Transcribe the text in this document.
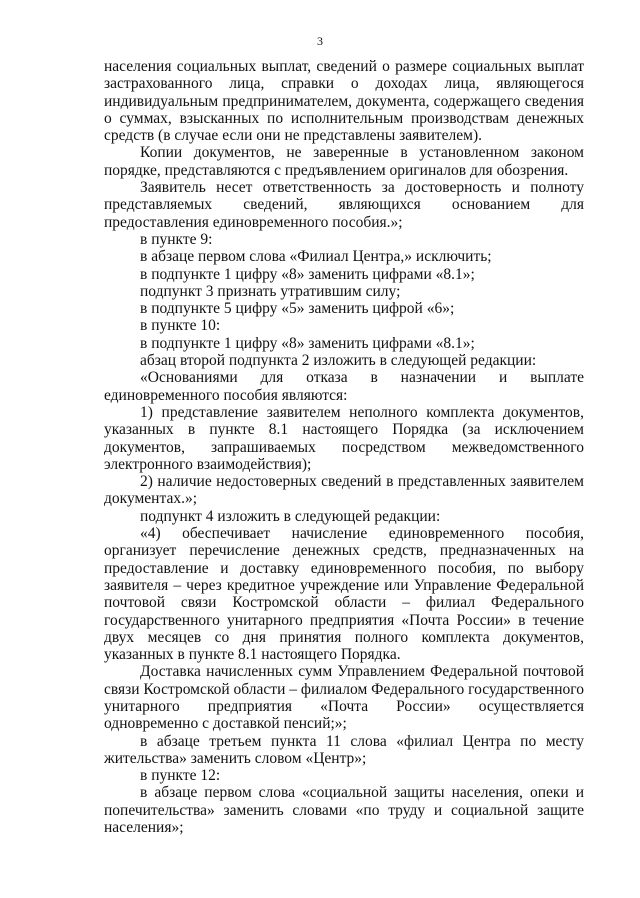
3

населения социальных выплат, сведений о размере социальных выплат застрахованного лица, справки о доходах лица, являющегося индивидуальным предпринимателем, документа, содержащего сведения о суммах, взысканных по исполнительным производствам денежных средств (в случае если они не представлены заявителем).

Копии документов, не заверенные в установленном законом порядке, представляются с предъявлением оригиналов для обозрения.

Заявитель несет ответственность за достоверность и полноту представляемых сведений, являющихся основанием для предоставления единовременного пособия.»;

в пункте 9:

в абзаце первом слова «Филиал Центра,» исключить;

в подпункте 1 цифру «8» заменить цифрами «8.1»;

подпункт 3 признать утратившим силу;

в подпункте 5 цифру «5» заменить цифрой «6»;

в пункте 10:

в подпункте 1 цифру «8» заменить цифрами «8.1»;

абзац второй подпункта 2 изложить в следующей редакции:

«Основаниями для отказа в назначении и выплате единовременного пособия являются:

1) представление заявителем неполного комплекта документов, указанных в пункте 8.1 настоящего Порядка (за исключением документов, запрашиваемых посредством межведомственного электронного взаимодействия);

2) наличие недостоверных сведений в представленных заявителем документах.»;

подпункт 4 изложить в следующей редакции:

«4) обеспечивает начисление единовременного пособия, организует перечисление денежных средств, предназначенных на предоставление и доставку единовременного пособия, по выбору заявителя – через кредитное учреждение или Управление Федеральной почтовой связи Костромской области – филиал Федерального государственного унитарного предприятия «Почта России» в течение двух месяцев со дня принятия полного комплекта документов, указанных в пункте 8.1 настоящего Порядка.

Доставка начисленных сумм Управлением Федеральной почтовой связи Костромской области – филиалом Федерального государственного унитарного предприятия «Почта России» осуществляется одновременно с доставкой пенсий;»;

в абзаце третьем пункта 11 слова «филиал Центра по месту жительства» заменить словом «Центр»;

в пункте 12:

в абзаце первом слова «социальной защиты населения, опеки и попечительства» заменить словами «по труду и социальной защите населения»;
